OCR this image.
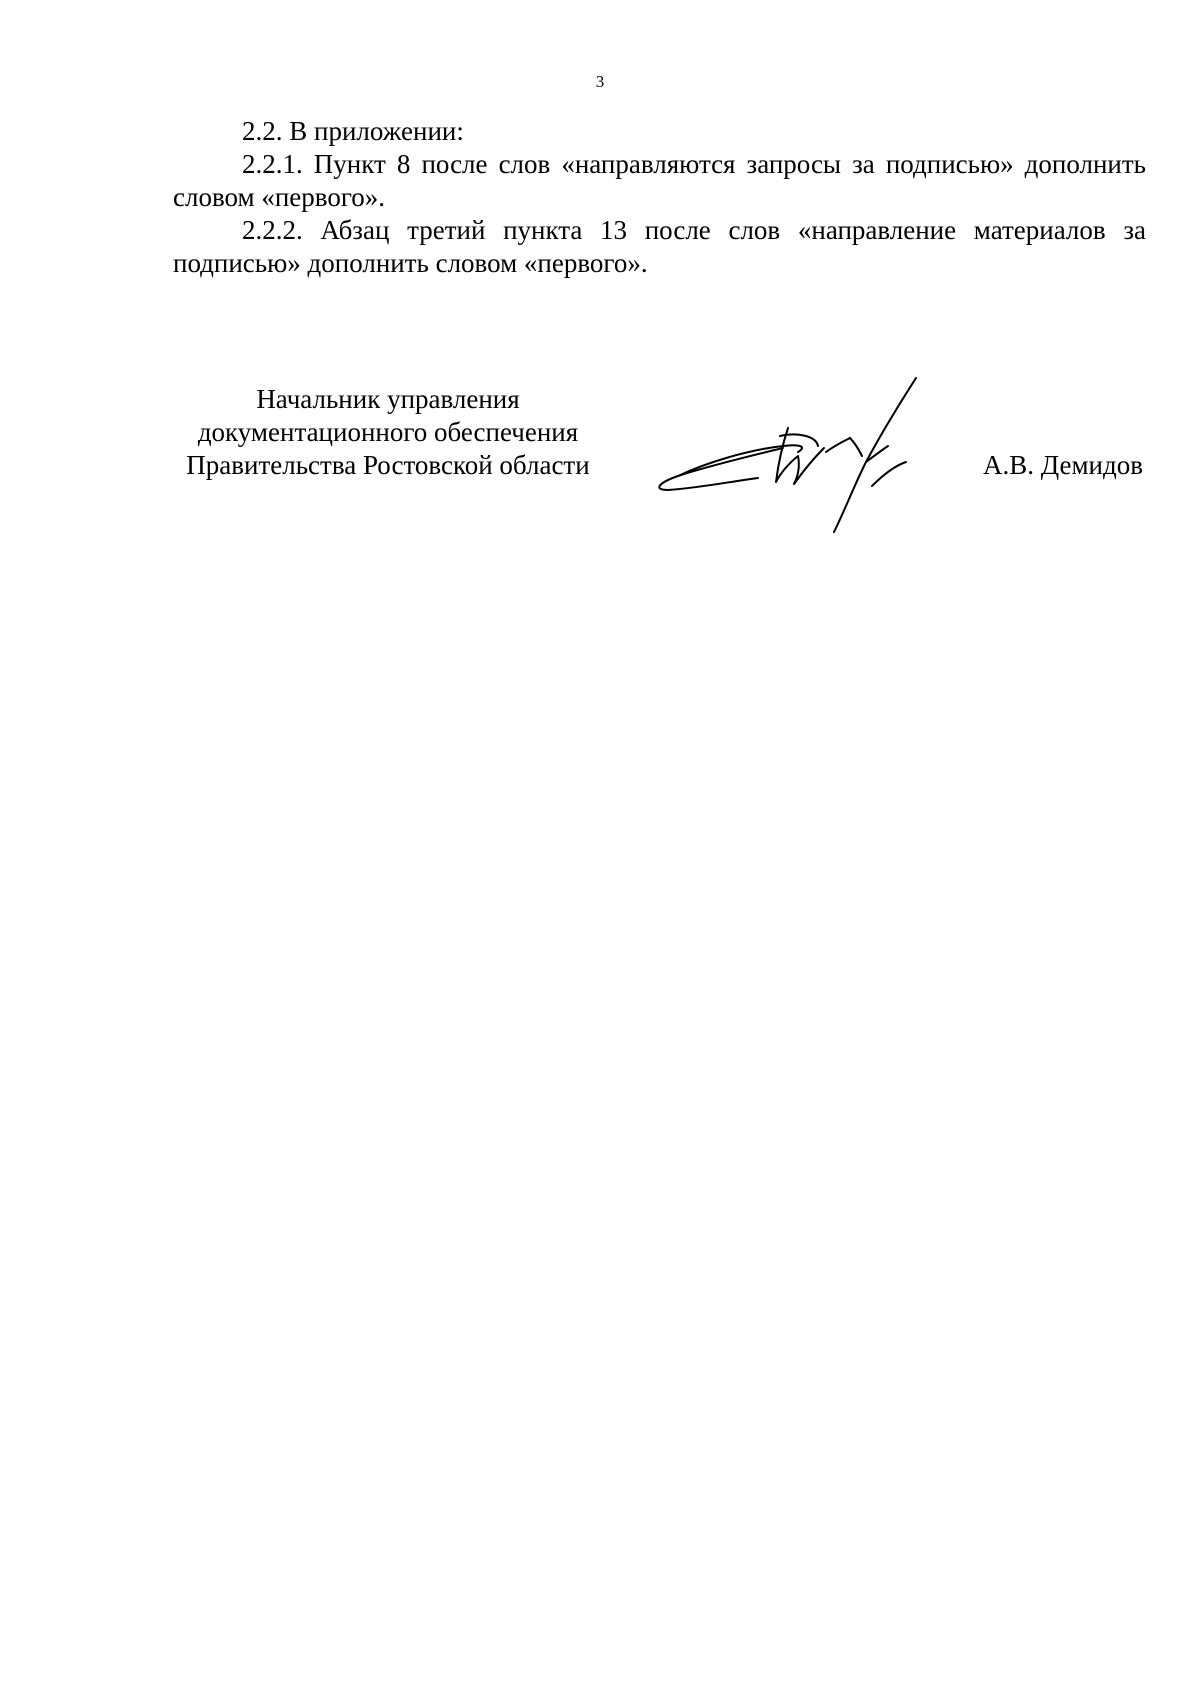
3

2.2. В приложении:

2.2.1. Пункт 8 после слов «направляются запросы за подписью» дополнить словом «первого».

2.2.2. Абзац третий пункта 13 после слов «направление материалов за подписью» дополнить словом «первого».

Начальник управления
документационного обеспечения
Правительства Ростовской области	А.В. Демидов
